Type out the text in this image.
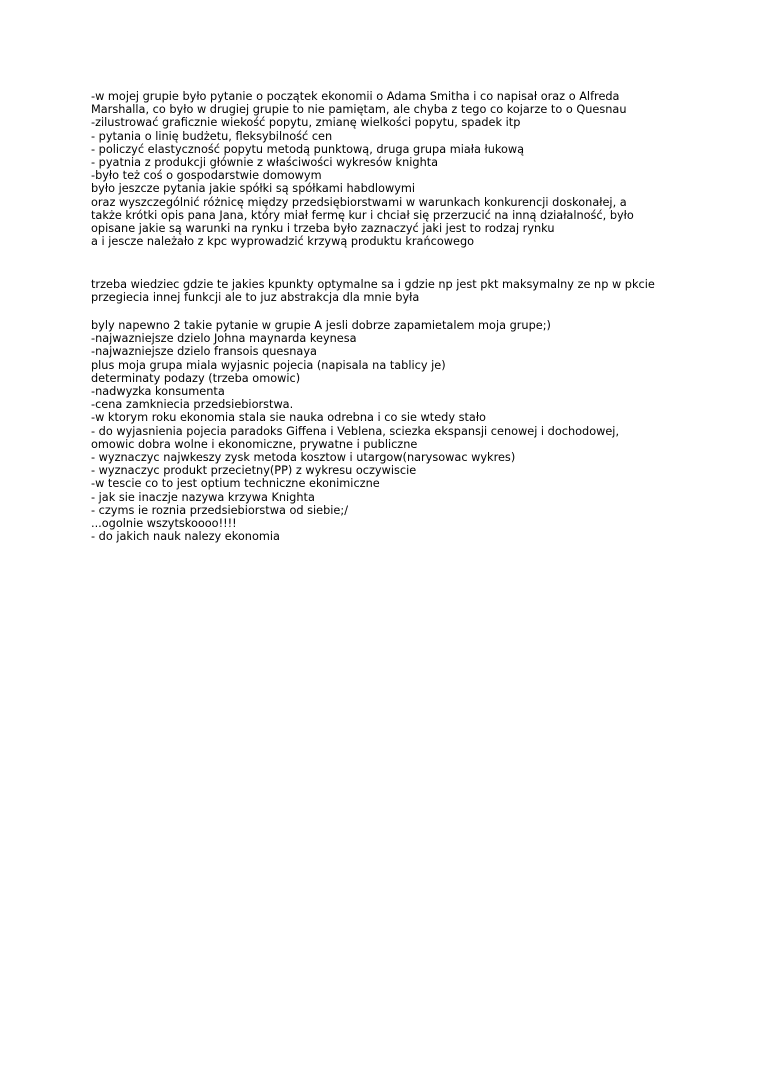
-w mojej grupie było pytanie o początek ekonomii o Adama Smitha i co napisał oraz o Alfreda
Marshalla, co było w drugiej grupie to nie pamiętam, ale chyba z tego co kojarze to o Quesnau
-zilustrować graficznie wiekość popytu, zmianę wielkości popytu, spadek itp
- pytania o linię budżetu, fleksybilność cen
- policzyć elastyczność popytu metodą punktową, druga grupa miała łukową
- pyatnia z produkcji głównie z właściwości wykresów knighta
-było też coś o gospodarstwie domowym
było jeszcze pytania jakie spółki są spółkami habdlowymi
oraz wyszczególnić różnicę między przedsiębiorstwami w warunkach konkurencji doskonałej, a
także krótki opis pana Jana, który miał fermę kur i chciał się przerzucić na inną działalność, było
opisane jakie są warunki na rynku i trzeba było zaznaczyć jaki jest to rodzaj rynku
a i jescze należało z kpc wyprowadzić krzywą produktu krańcowego
trzeba wiedziec gdzie te jakies kpunkty optymalne sa i gdzie np jest pkt maksymalny ze np w pkcie
przegiecia innej funkcji ale to juz abstrakcja dla mnie była
byly napewno 2 takie pytanie w grupie A jesli dobrze zapamietalem moja grupe;)
-najwazniejsze dzielo Johna maynarda keynesa
-najwazniejsze dzielo fransois quesnaya
plus moja grupa miala wyjasnic pojecia (napisala na tablicy je)
determinaty podazy (trzeba omowic)
-nadwyzka konsumenta
-cena zamkniecia przedsiebiorstwa.
-w ktorym roku ekonomia stala sie nauka odrebna i co sie wtedy stało
- do wyjasnienia pojecia paradoks Giffena i Veblena, sciezka ekspansji cenowej i dochodowej,
omowic dobra wolne i ekonomiczne, prywatne i publiczne
- wyznaczyc najwkeszy zysk metoda kosztow i utargow(narysowac wykres)
- wyznaczyc produkt przecietny(PP) z wykresu oczywiscie
-w tescie co to jest optium techniczne ekonimiczne
- jak sie inaczje nazywa krzywa Knighta
- czyms ie roznia przedsiebiorstwa od siebie;/
...ogolnie wszytskoooo!!!!
- do jakich nauk nalezy ekonomia
